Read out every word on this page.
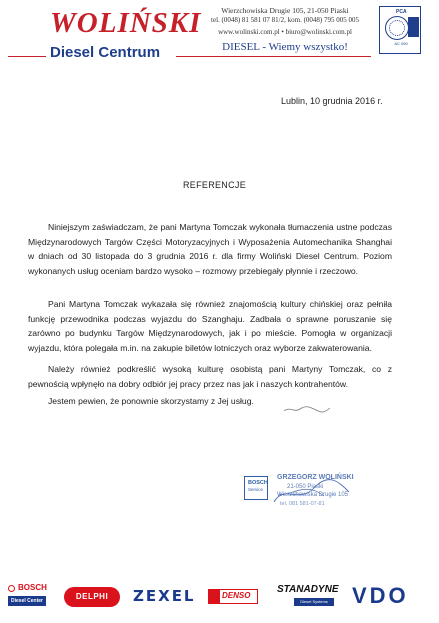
WOLIŃSKI
Diesel Centrum
Wierzchowiska Drugie 105, 21-050 Piaski
tel. (0048) 81 581 07 81/2, kom. (0048) 795 005 005
www.wolinski.com.pl • biuro@wolinski.com.pl
DIESEL - Wiemy wszystko!
PCA
AC 090
Lublin, 10 grudnia 2016 r.
REFERENCJE
Niniejszym zaświadczam, że pani Martyna Tomczak wykonała tłumaczenia ustne podczas Międzynarodowych Targów Części Motoryzacyjnych i Wyposażenia Automechanika Shanghai w dniach od 30 listopada do 3 grudnia 2016 r. dla firmy Woliński Diesel Centrum. Poziom wykonanych usług oceniam bardzo wysoko – rozmowy przebiegały płynnie i rzeczowo.
Pani Martyna Tomczak wykazała się również znajomością kultury chińskiej oraz pełniła funkcję przewodnika podczas wyjazdu do Szanghaju. Zadbała o sprawne poruszanie się zarówno po budynku Targów Międzynarodowych, jak i po mieście. Pomogła w organizacji wyjazdu, która polegała m.in. na zakupie biletów lotniczych oraz wyborze zakwaterowania.
Należy również podkreślić wysoką kulturę osobistą pani Martyny Tomczak, co z pewnością wpłynęło na dobry odbiór jej pracy przez nas jak i naszych kontrahentów.
Jestem pewien, że ponownie skorzystamy z Jej usług.
BOSCH
Service
GRZEGORZ WOLIŃSKI
21-050 Piaski
Wierzchowiska Drugie 105
tel. 081 581-07-81
BOSCH
Diesel Center	DELPHI	ZEXEL	DENSO
STANADYNE
Diesel Systems VDO
